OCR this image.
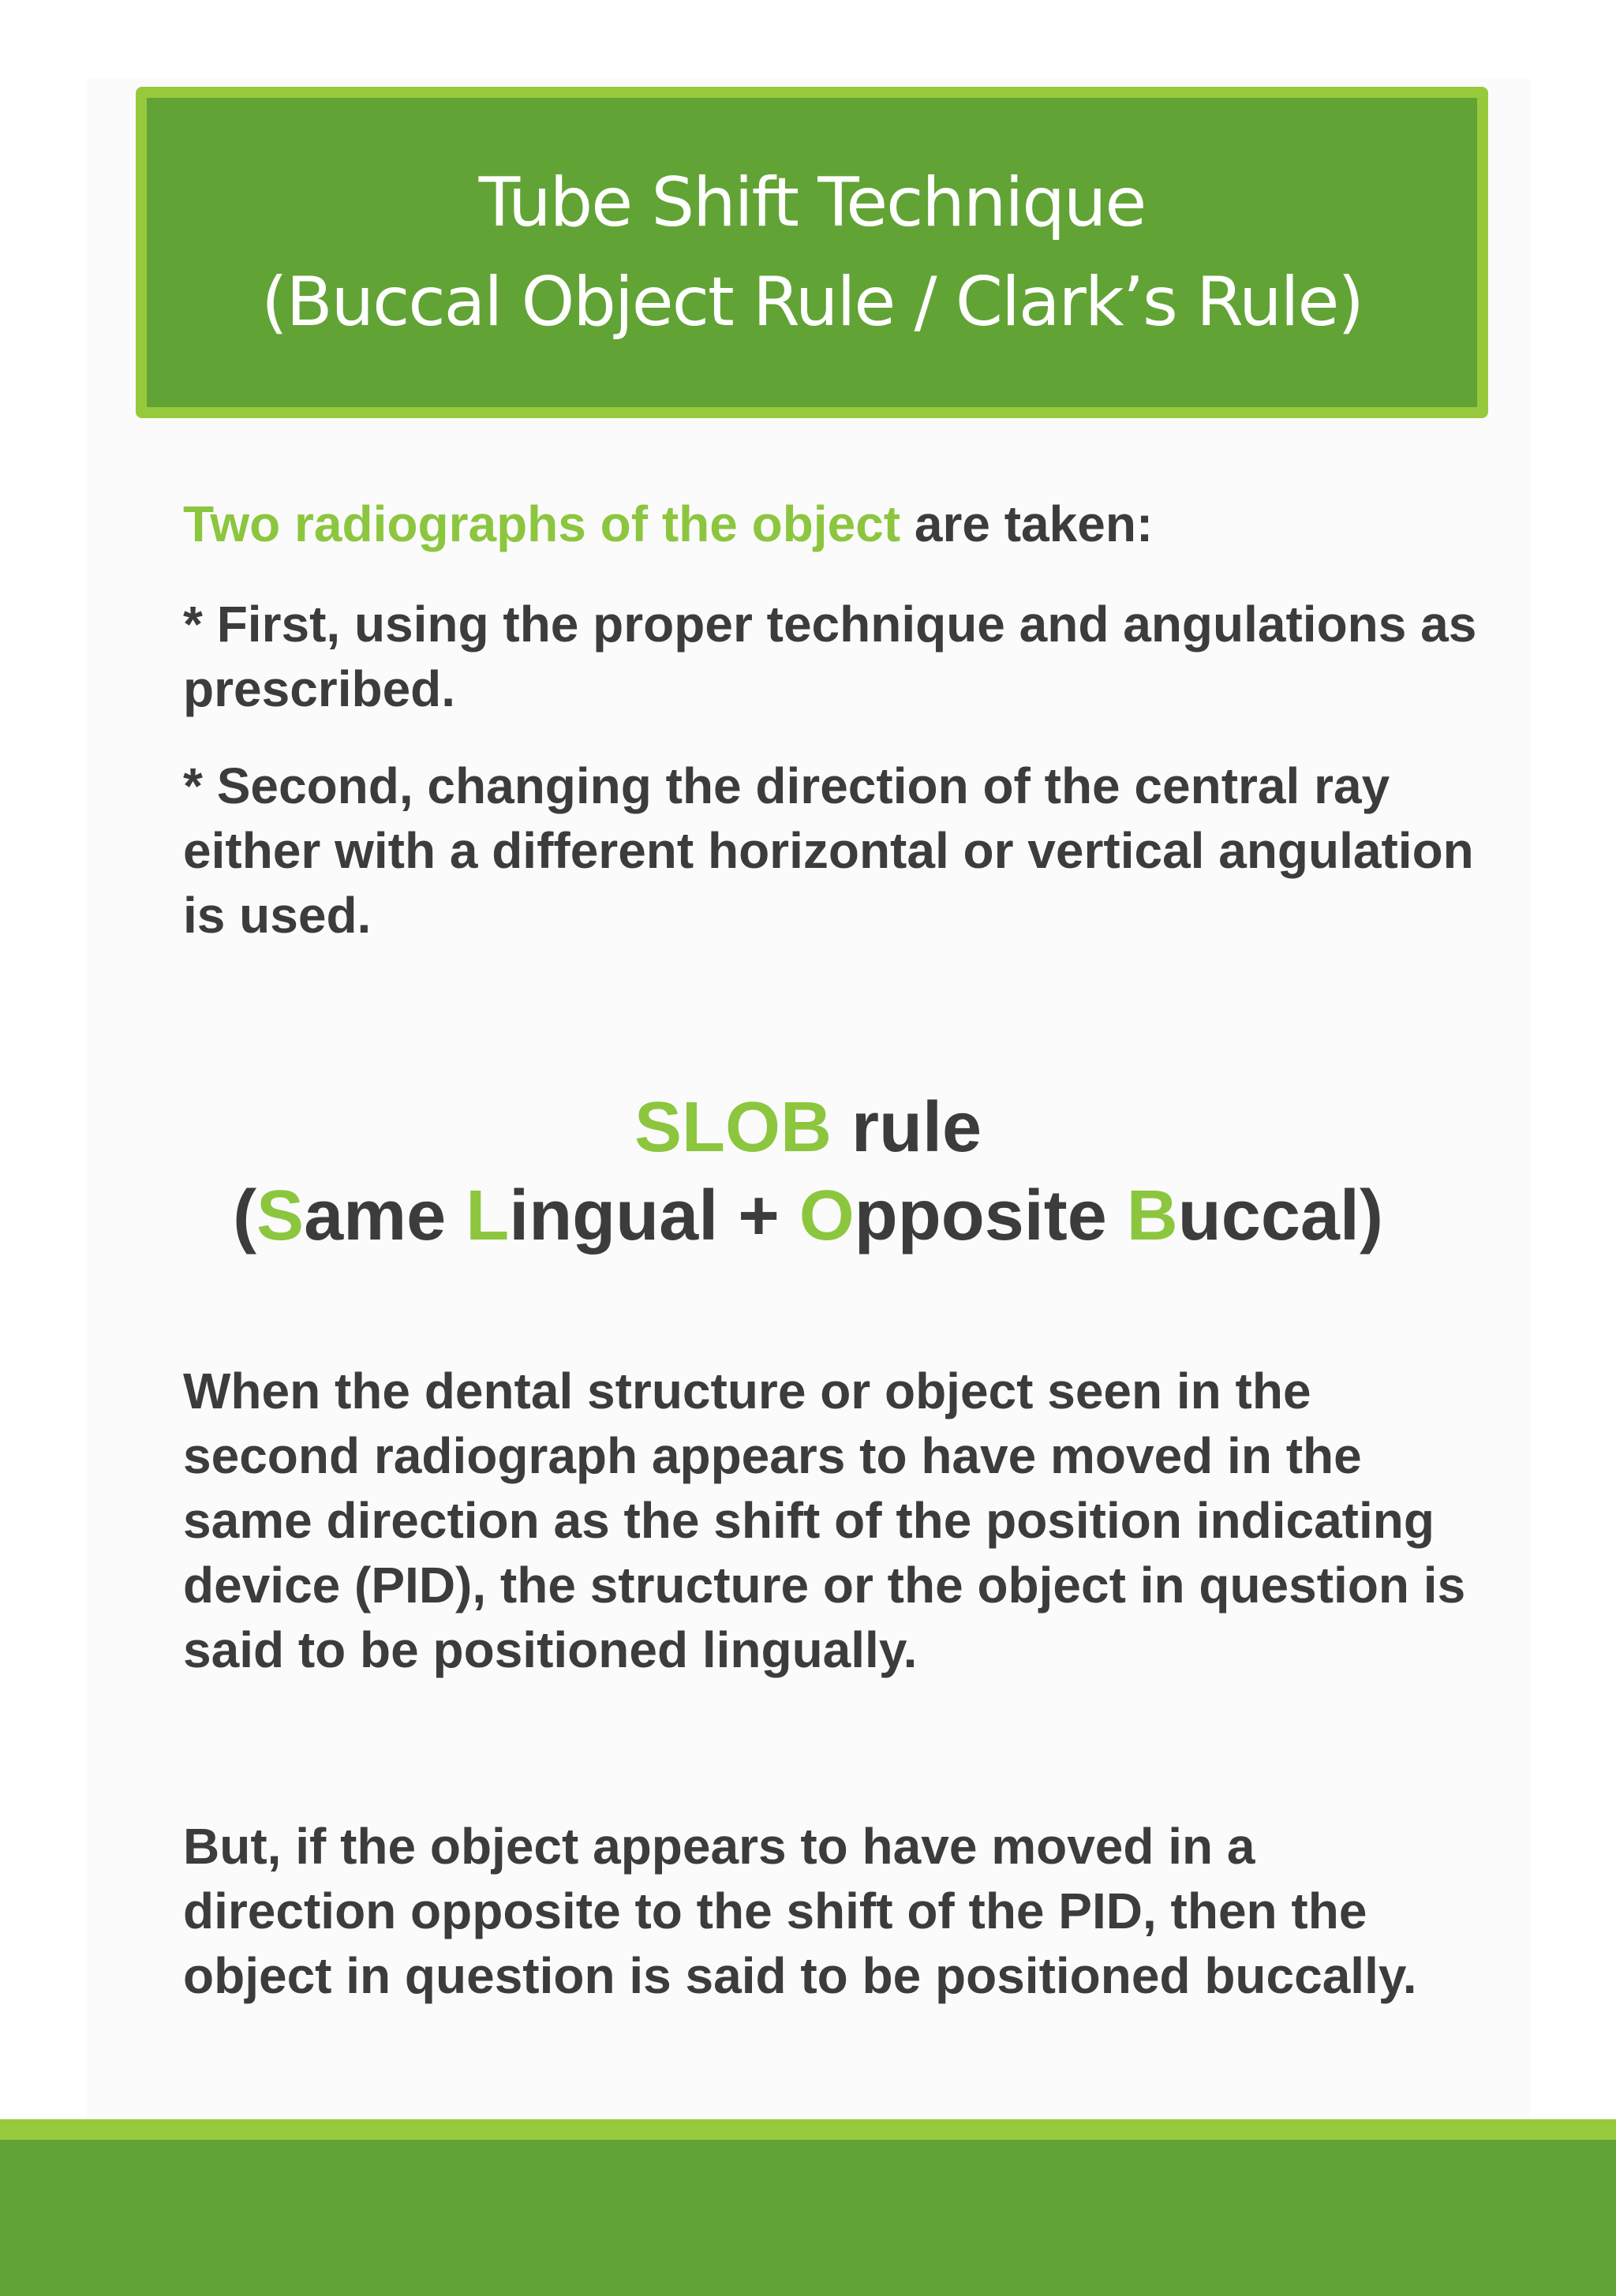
Tube Shift Technique
(Buccal Object Rule / Clark’s Rule)
Two radiographs of the object are taken:
* First, using the proper technique and angulations as prescribed.
* Second, changing the direction of the central ray either with a different horizontal or vertical angulation is used.
SLOB rule
(Same Lingual + Opposite Buccal)
When the dental structure or object seen in the second radiograph appears to have moved in the same direction as the shift of the position indicating device (PID), the structure or the object in question is said to be positioned lingually.
But, if the object appears to have moved in a direction opposite to the shift of the PID, then the object in question is said to be positioned buccally.
